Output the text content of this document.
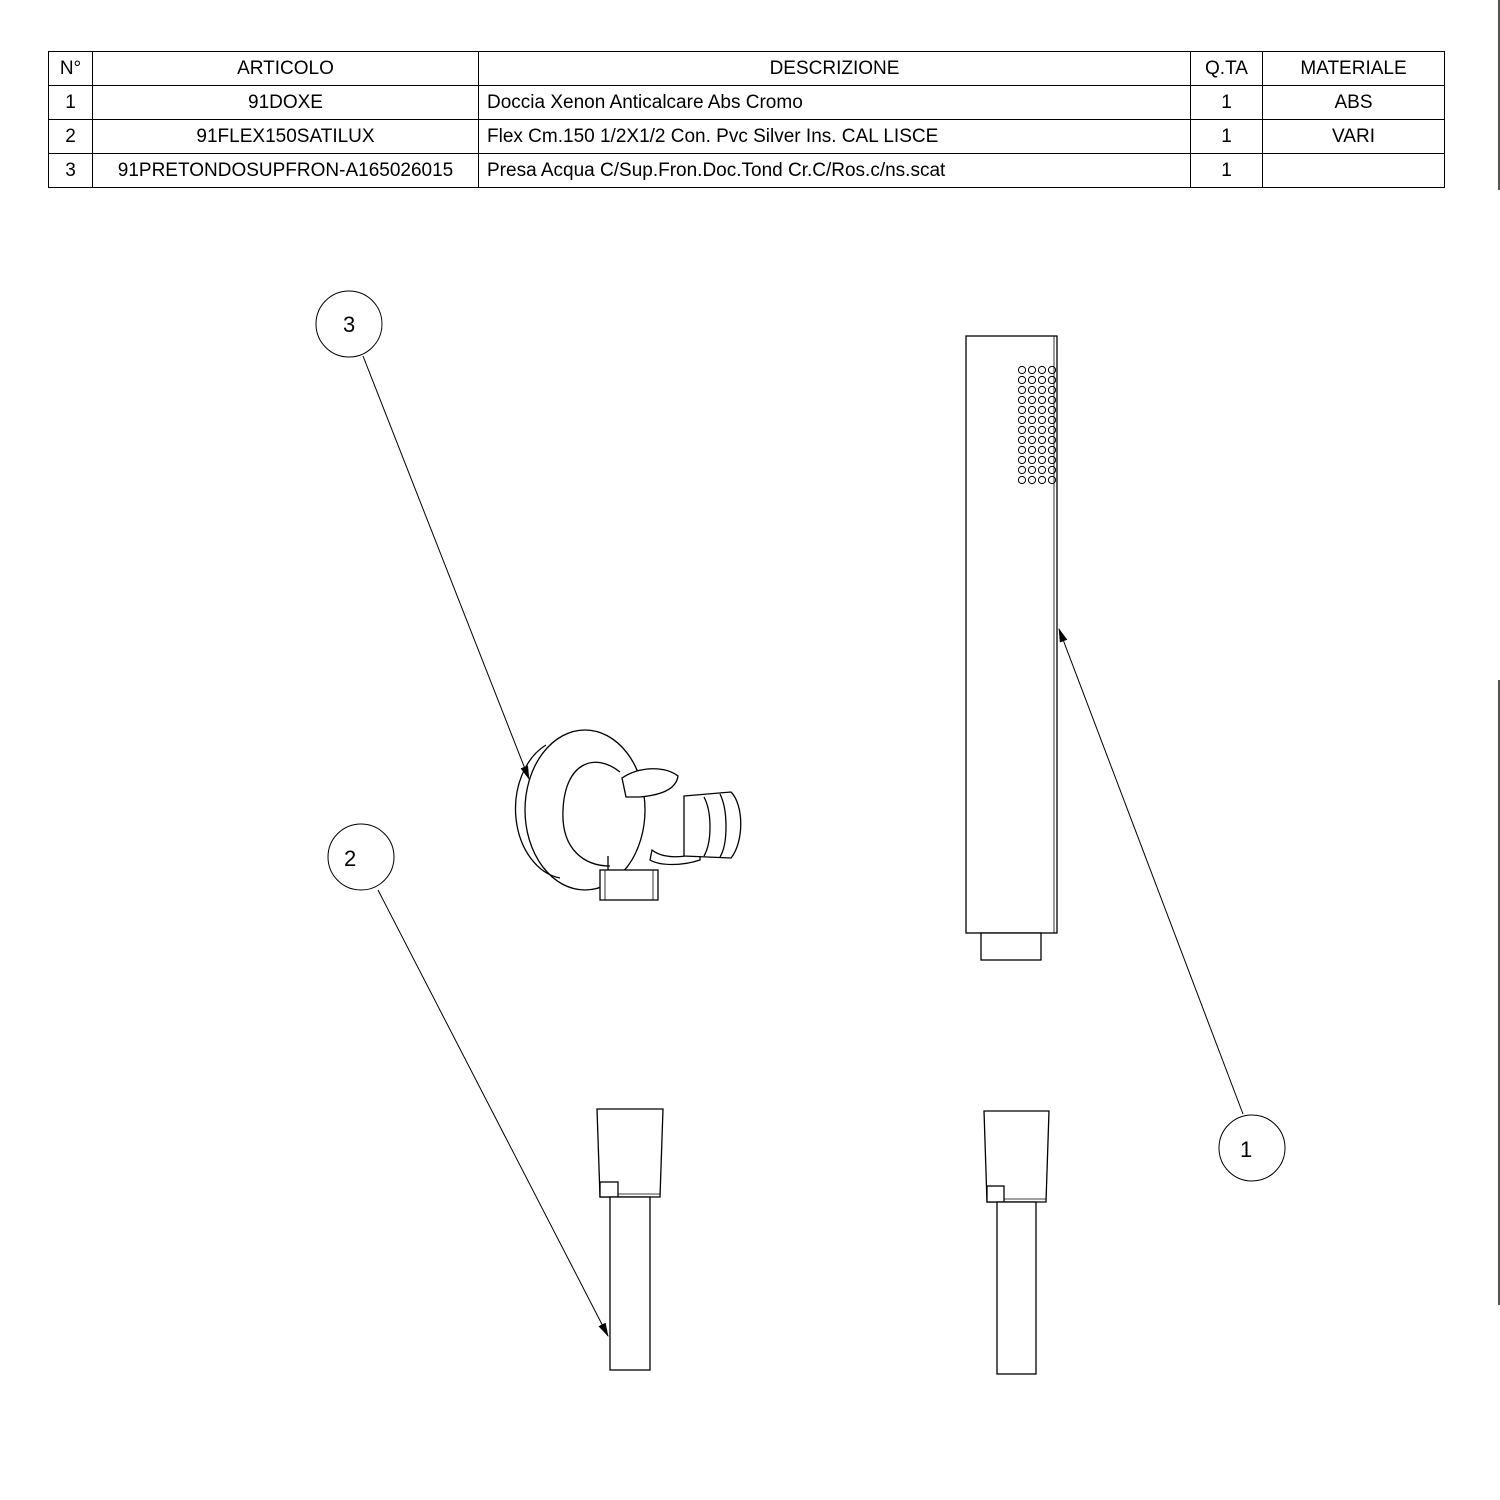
N°	ARTICOLO	DESCRIZIONE	Q.TA	MATERIALE
1	91DOXE	Doccia Xenon Anticalcare Abs Cromo	1	ABS
2	91FLEX150SATILUX	Flex Cm.150 1/2X1/2 Con. Pvc Silver Ins. CAL LISCE	1	VARI
3	91PRETONDOSUPFRON-A165026015	Presa Acqua C/Sup.Fron.Doc.Tond Cr.C/Ros.c/ns.scat	1	
3
2
1
